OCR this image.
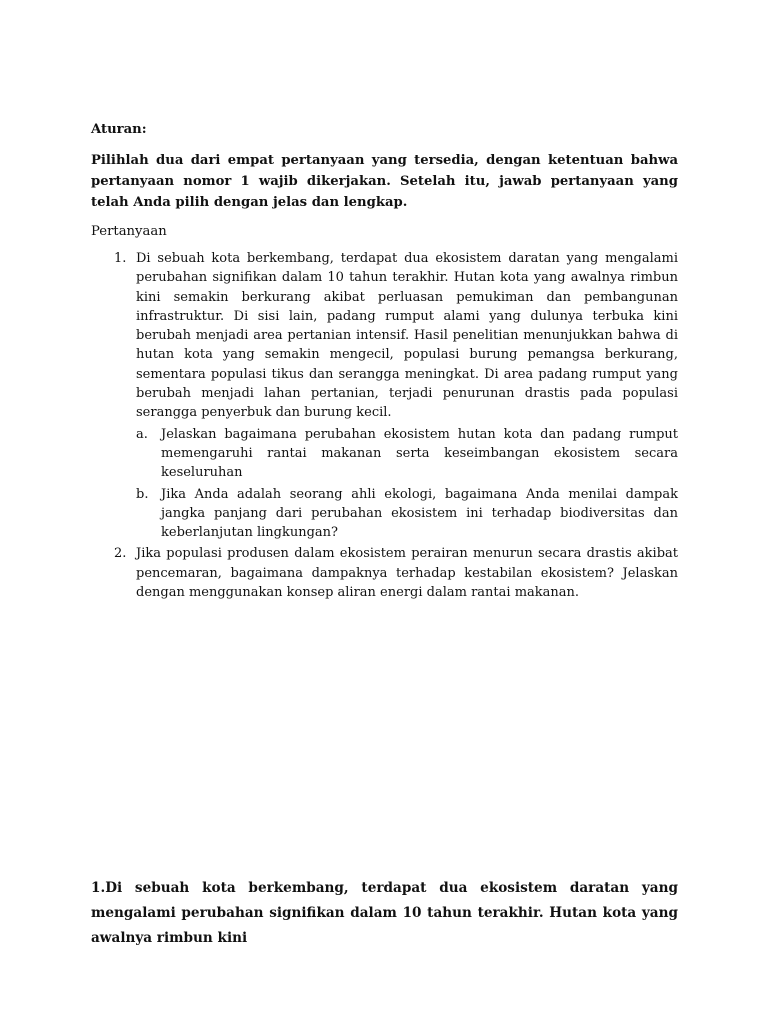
Aturan:

Pilihlah dua dari empat pertanyaan yang tersedia, dengan ketentuan bahwa pertanyaan nomor 1 wajib dikerjakan. Setelah itu, jawab pertanyaan yang telah Anda pilih dengan jelas dan lengkap.

Pertanyaan

1. Di sebuah kota berkembang, terdapat dua ekosistem daratan yang mengalami perubahan signifikan dalam 10 tahun terakhir. Hutan kota yang awalnya rimbun kini semakin berkurang akibat perluasan pemukiman dan pembangunan infrastruktur. Di sisi lain, padang rumput alami yang dulunya terbuka kini berubah menjadi area pertanian intensif. Hasil penelitian menunjukkan bahwa di hutan kota yang semakin mengecil, populasi burung pemangsa berkurang, sementara populasi tikus dan serangga meningkat. Di area padang rumput yang berubah menjadi lahan pertanian, terjadi penurunan drastis pada populasi serangga penyerbuk dan burung kecil.
a. Jelaskan bagaimana perubahan ekosistem hutan kota dan padang rumput memengaruhi rantai makanan serta keseimbangan ekosistem secara keseluruhan
b. Jika Anda adalah seorang ahli ekologi, bagaimana Anda menilai dampak jangka panjang dari perubahan ekosistem ini terhadap biodiversitas dan keberlanjutan lingkungan?
2. Jika populasi produsen dalam ekosistem perairan menurun secara drastis akibat pencemaran, bagaimana dampaknya terhadap kestabilan ekosistem? Jelaskan dengan menggunakan konsep aliran energi dalam rantai makanan.

1.Di sebuah kota berkembang, terdapat dua ekosistem daratan yang mengalami perubahan signifikan dalam 10 tahun terakhir. Hutan kota yang awalnya rimbun kini
